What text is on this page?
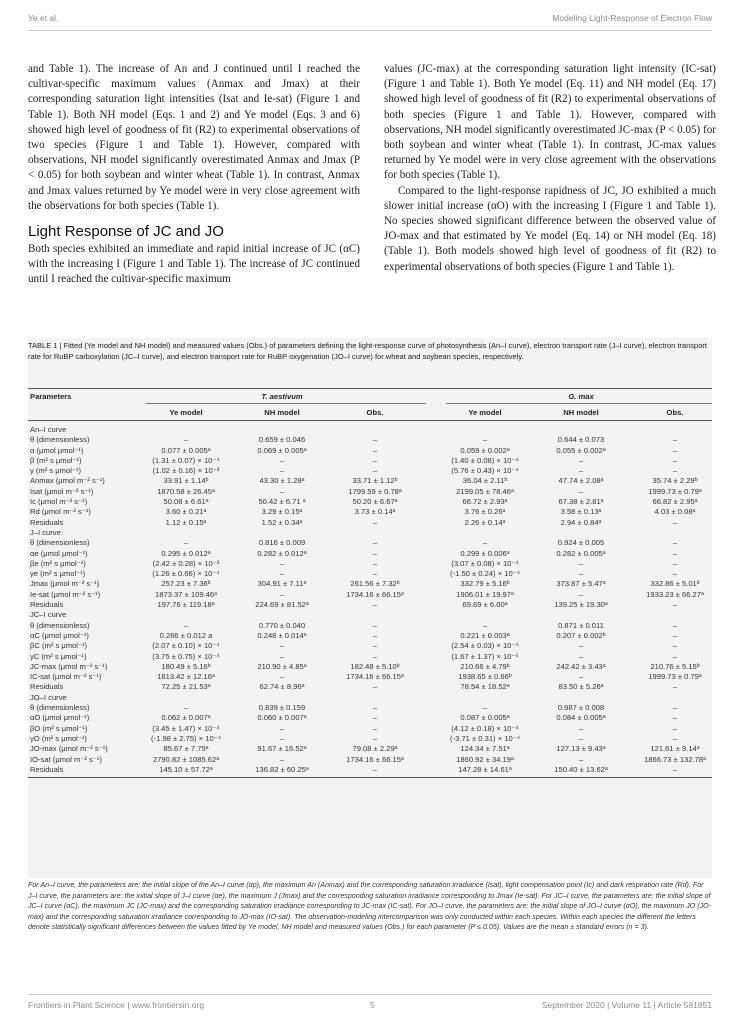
Ye et al.	Modeling Light-Response of Electron Flow

and Table 1). The increase of An and J continued until I reached the cultivar-specific maximum values (Anmax and Jmax) at their corresponding saturation light intensities (Isat and Ie-sat) (Figure 1 and Table 1). Both NH model (Eqs. 1 and 2) and Ye model (Eqs. 3 and 6) showed high level of goodness of fit (R2) to experimental observations of two species (Figure 1 and Table 1). However, compared with observations, NH model significantly overestimated Anmax and Jmax (P < 0.05) for both soybean and winter wheat (Table 1). In contrast, Anmax and Jmax values returned by Ye model were in very close agreement with the observations for both species (Table 1).

Light Response of JC and JO

Both species exhibited an immediate and rapid initial increase of JC (αC) with the increasing I (Figure 1 and Table 1). The increase of JC continued until I reached the cultivar-specific maximum

values (JC-max) at the corresponding saturation light intensity (IC-sat) (Figure 1 and Table 1). Both Ye model (Eq. 11) and NH model (Eq. 17) showed high level of goodness of fit (R2) to experimental observations of both species (Figure 1 and Table 1). However, compared with observations, NH model significantly overestimated JC-max (P < 0.05) for both soybean and winter wheat (Table 1). In contrast, JC-max values returned by Ye model were in very close agreement with the observations for both species (Table 1).

Compared to the light-response rapidness of JC, JO exhibited a much slower initial increase (αO) with the increasing I (Figure 1 and Table 1). No species showed significant difference between the observed value of JO-max and that estimated by Ye model (Eq. 14) or NH model (Eq. 18) (Table 1). Both models showed high level of goodness of fit (R2) to experimental observations of both species (Figure 1 and Table 1).

TABLE 1 | Fitted (Ye model and NH model) and measured values (Obs.) of parameters defining the light-response curve of photosynthesis (An–I curve), electron transport rate (J–I curve), electron transport rate for RuBP carboxylation (JC–I curve), and electron transport rate for RuBP oxygenation (JO–I curve) for wheat and soybean species, respectively.
Parameters	T. aestivum	G. max
Ye model	NH model	Obs.	Ye model	NH model	Obs.
An–I curve
θ (dimensionless)	–	0.659 ± 0.046	–	–	0.644 ± 0.073	–
α (μmol μmol⁻¹)	0.077 ± 0.005ᵃ	0.069 ± 0.005ᵃ	–	0.059 ± 0.002ᵃ	0.055 ± 0.002ᵃ	–
β (m² s μmol⁻¹)	(1.31 ± 0.07) × 10⁻⁴	–	–	(1.40 ± 0.08) × 10⁻⁴	–	–
γ (m² s μmol⁻¹)	(1.02 ± 0.16) × 10⁻³	–	–	(5.76 ± 0.43) × 10⁻⁴	–	–
Anmax (μmol m⁻² s⁻¹)	33.91 ± 1.14ᵇ	43.30 ± 1.28ᵃ	33.71 ± 1.12ᵇ	36.04 ± 2.11ᵇ	47.74 ± 2.08ᵃ	35.74 ± 2.29ᵇ
Isat (μmol m⁻² s⁻¹)	1870.58 ± 26.45ᵃ	–	1799.59 ± 0.78ᵃ	2199.05 ± 78.46ᵃ	–	1999.73 ± 0.79ᵃ
Ic (μmol m⁻² s⁻¹)	50.08 ± 6.61ᵃ	50.42 ± 6.71 ᵃ	50.20 ± 6.67ᵃ	66.72 ± 2.93ᵃ	67.38 ± 2.81ᵃ	66.82 ± 2.95ᵃ
Rd (μmol m⁻² s⁻¹)	3.60 ± 0.21ᵃ	3.29 ± 0.15ᵃ	3.73 ± 0.14ᵃ	3.76 ± 0.26ᵃ	3.58 ± 0.13ᵃ	4.03 ± 0.08ᵃ
Residuals	1.12 ± 0.15ᵃ	1.52 ± 0.34ᵃ	–	2.26 ± 0.14ᵃ	2.94 ± 0.84ᵃ	–
J–I curve
θ (dimensionless)	–	0.816 ± 0.009	–	–	0.924 ± 0.005	–
αe (μmol μmol⁻¹)	0.295 ± 0.012ᵃ	0.282 ± 0.012ᵃ	–	0.299 ± 0.006ᵃ	0.282 ± 0.005ᵃ	–
βe (m² s μmol⁻¹)	(2.42 ± 0.28) × 10⁻³	–	–	(3.07 ± 0.08) × 10⁻⁴	–	–
γe (m² s μmol⁻¹)	(1.26 ± 0.66) × 10⁻⁴	–	–	(-1.50 ± 0.24) × 10⁻⁴	–	–
Jmax (μmol m⁻² s⁻¹)	257.23 ± 7.36ᵇ	304.91 ± 7.11ᵃ	261.56 ± 7.32ᵇ	332.79 ± 5.16ᵇ	373.87 ± 5.47ᵃ	332.86 ± 5.01ᵇ
Ie-sat (μmol m⁻² s⁻¹)	1873.37 ± 109.46ᵃ	–	1734.16 ± 66.15ᵃ	1906.01 ± 19.97ᵃ	–	1933.23 ± 66.27ᵃ
Residuals	197.76 ± 119.18ᵃ	224.69 ± 81.52ᵃ	–	69.69 ± 6.00ᵃ	139.25 ± 19.30ᵃ	–
JC–I curve
θ (dimensionless)	–	0.770 ± 0.040	–	–	0.871 ± 0.011	–
αC (μmol μmol⁻¹)	0.266 ± 0.012 a	0.248 ± 0.014ᵃ	–	0.221 ± 0.003ᵃ	0.207 ± 0.002ᵇ	–
βC (m² s μmol⁻¹)	(2.07 ± 0.10) × 10⁻⁴	–	–	(2.54 ± 0.03) × 10⁻⁴	–	–
γC (m² s μmol⁻¹)	(3.75 ± 0.75) × 10⁻⁴	–	–	(1.67 ± 1.37) × 10⁻⁵	–	–
JC-max (μmol m⁻² s⁻¹)	180.49 ± 5.16ᵇ	210.90 ± 4.85ᵃ	182.48 ± 5.10ᵇ	210.66 ± 4.79ᵇ	242.42 ± 3.43ᵃ	210.76 ± 5.15ᵇ
IC-sat (μmol m⁻² s⁻¹)	1813.42 ± 12.16ᵃ	–	1734.16 ± 66.15ᵃ	1938.65 ± 0.66ᵇ	–	1999.73 ± 0.79ᵃ
Residuals	72.25 ± 21.53ᵃ	62.74 ± 8.96ᵃ	–	78.54 ± 18.52ᵃ	83.50 ± 5.26ᵃ	–
JO–I curve
θ (dimensionless)	–	0.839 ± 0.159	–	–	0.987 ± 0.008	–
αO (μmol μmol⁻¹)	0.062 ± 0.007ᵃ	0.060 ± 0.007ᵃ	–	0.087 ± 0.005ᵃ	0.084 ± 0.005ᵃ	–
βO (m² s μmol⁻¹)	(3.45 ± 1.47) × 10⁻⁴	–	–	(4.12 ± 0.18) × 10⁻⁴	–	–
γO (m² s μmol⁻¹)	(-1.98 ± 2.75) × 10⁻⁴	–	–	(-3.71 ± 0.31) × 10⁻⁴	–	–
JO-max (μmol m⁻² s⁻¹)	85.67 ± 7.75ᵃ	91.67 ± 16.52ᵃ	79.08 ± 2.29ᵃ	124.34 ± 7.51ᵃ	127.13 ± 9.43ᵃ	121.61 ± 9.14ᵃ
IO-sat (μmol m⁻² s⁻¹)	2790.82 ± 1085.62ᵃ	–	1734.16 ± 66.15ᵃ	1860.92 ± 34.19ᵃ	–	1866.73 ± 132.78ᵃ
Residuals	145.10 ± 57.72ᵃ	136.82 ± 60.25ᵃ	–	147.28 ± 14.61ᵃ	150.40 ± 13.62ᵃ	–
For An–I curve, the parameters are: the initial slope of the An–I curve (αp), the maximum An (Anmax) and the corresponding saturation irradiance (Isat), light compensation point (Ic) and dark respiration rate (Rd). For J–I curve, the parameters are: the initial slope of J–I curve (αe), the maximum J (Jmax) and the corresponding saturation irradiance corresponding to Jmax (Ie-sat). For JC–I curve, the parameters are: the initial slope of JC–I curve (αC), the maximum JC (JC-max) and the corresponding saturation irradiance corresponding to JC-max (IC-sat). For JO–I curve, the parameters are: the initial slope of JO–I curve (αO), the maximum JO (JO-max) and the corresponding saturation irradiance corresponding to JO-max (IO-sat). The observation-modeling intercomparison was only conducted within each species. Within each species the different the letters denote statistically significant differences between the values fitted by Ye model, NH model and measured values (Obs.) for each parameter (P ≤ 0.05). Values are the mean ± standard errors (n = 3).
Frontiers in Plant Science | www.frontiersin.org	5	September 2020 | Volume 11 | Article 581851
